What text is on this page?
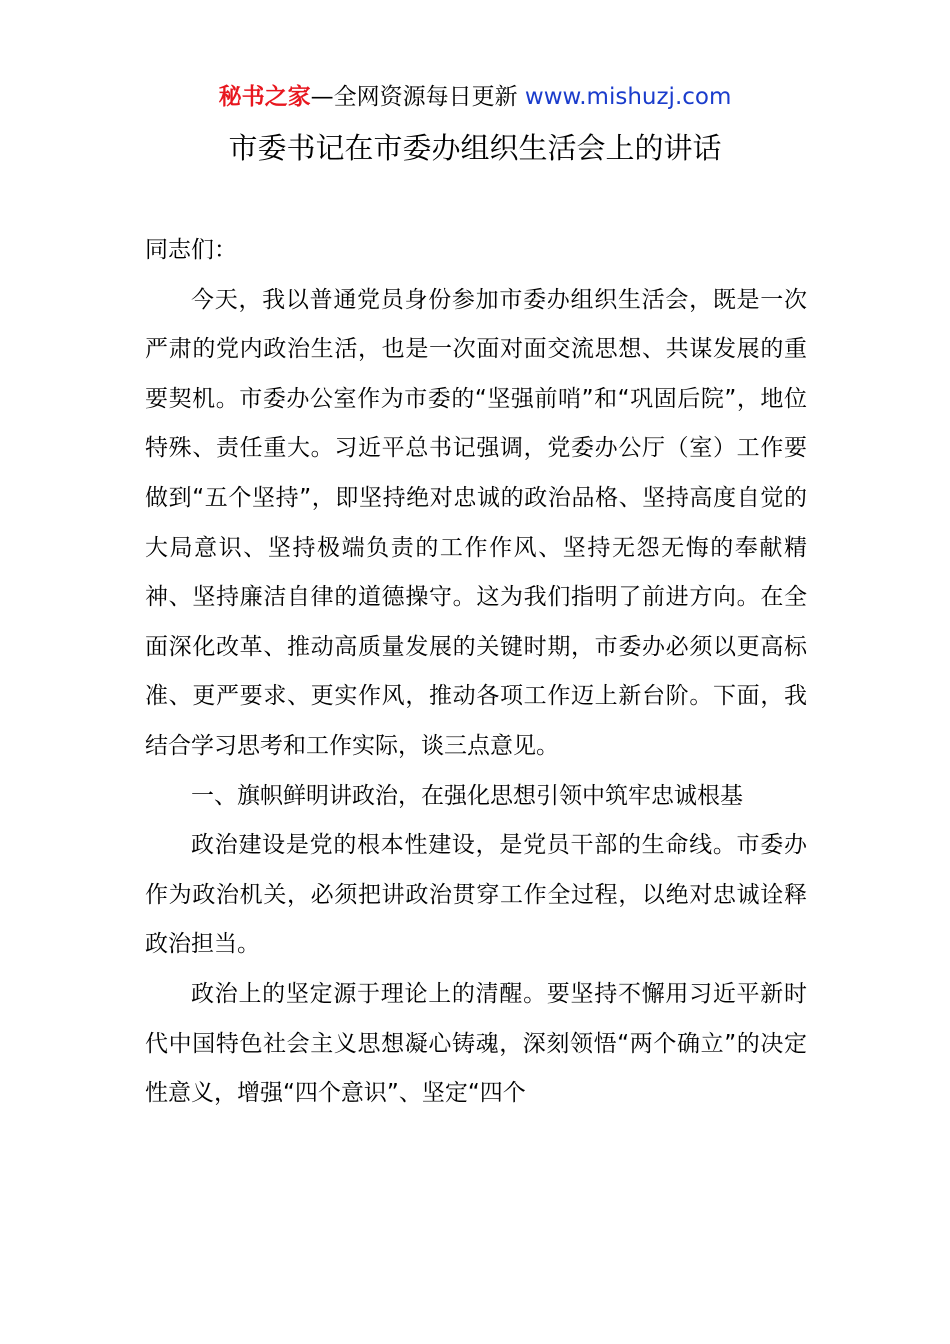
秘书之家—全网资源每日更新 www.mishuzj.com
市委书记在市委办组织生活会上的讲话

同志们：

今天，我以普通党员身份参加市委办组织生活会，既是一次严肃的党内政治生活，也是一次面对面交流思想、共谋发展的重要契机。市委办公室作为市委的“坚强前哨”和“巩固后院”，地位特殊、责任重大。习近平总书记强调，党委办公厅（室）工作要做到“五个坚持”，即坚持绝对忠诚的政治品格、坚持高度自觉的大局意识、坚持极端负责的工作作风、坚持无怨无悔的奉献精神、坚持廉洁自律的道德操守。这为我们指明了前进方向。在全面深化改革、推动高质量发展的关键时期，市委办必须以更高标准、更严要求、更实作风，推动各项工作迈上新台阶。下面，我结合学习思考和工作实际，谈三点意见。

一、旗帜鲜明讲政治，在强化思想引领中筑牢忠诚根基

政治建设是党的根本性建设，是党员干部的生命线。市委办作为政治机关，必须把讲政治贯穿工作全过程，以绝对忠诚诠释政治担当。

政治上的坚定源于理论上的清醒。要坚持不懈用习近平新时代中国特色社会主义思想凝心铸魂，深刻领悟“两个确立”的决定性意义，增强“四个意识”、坚定“四个
